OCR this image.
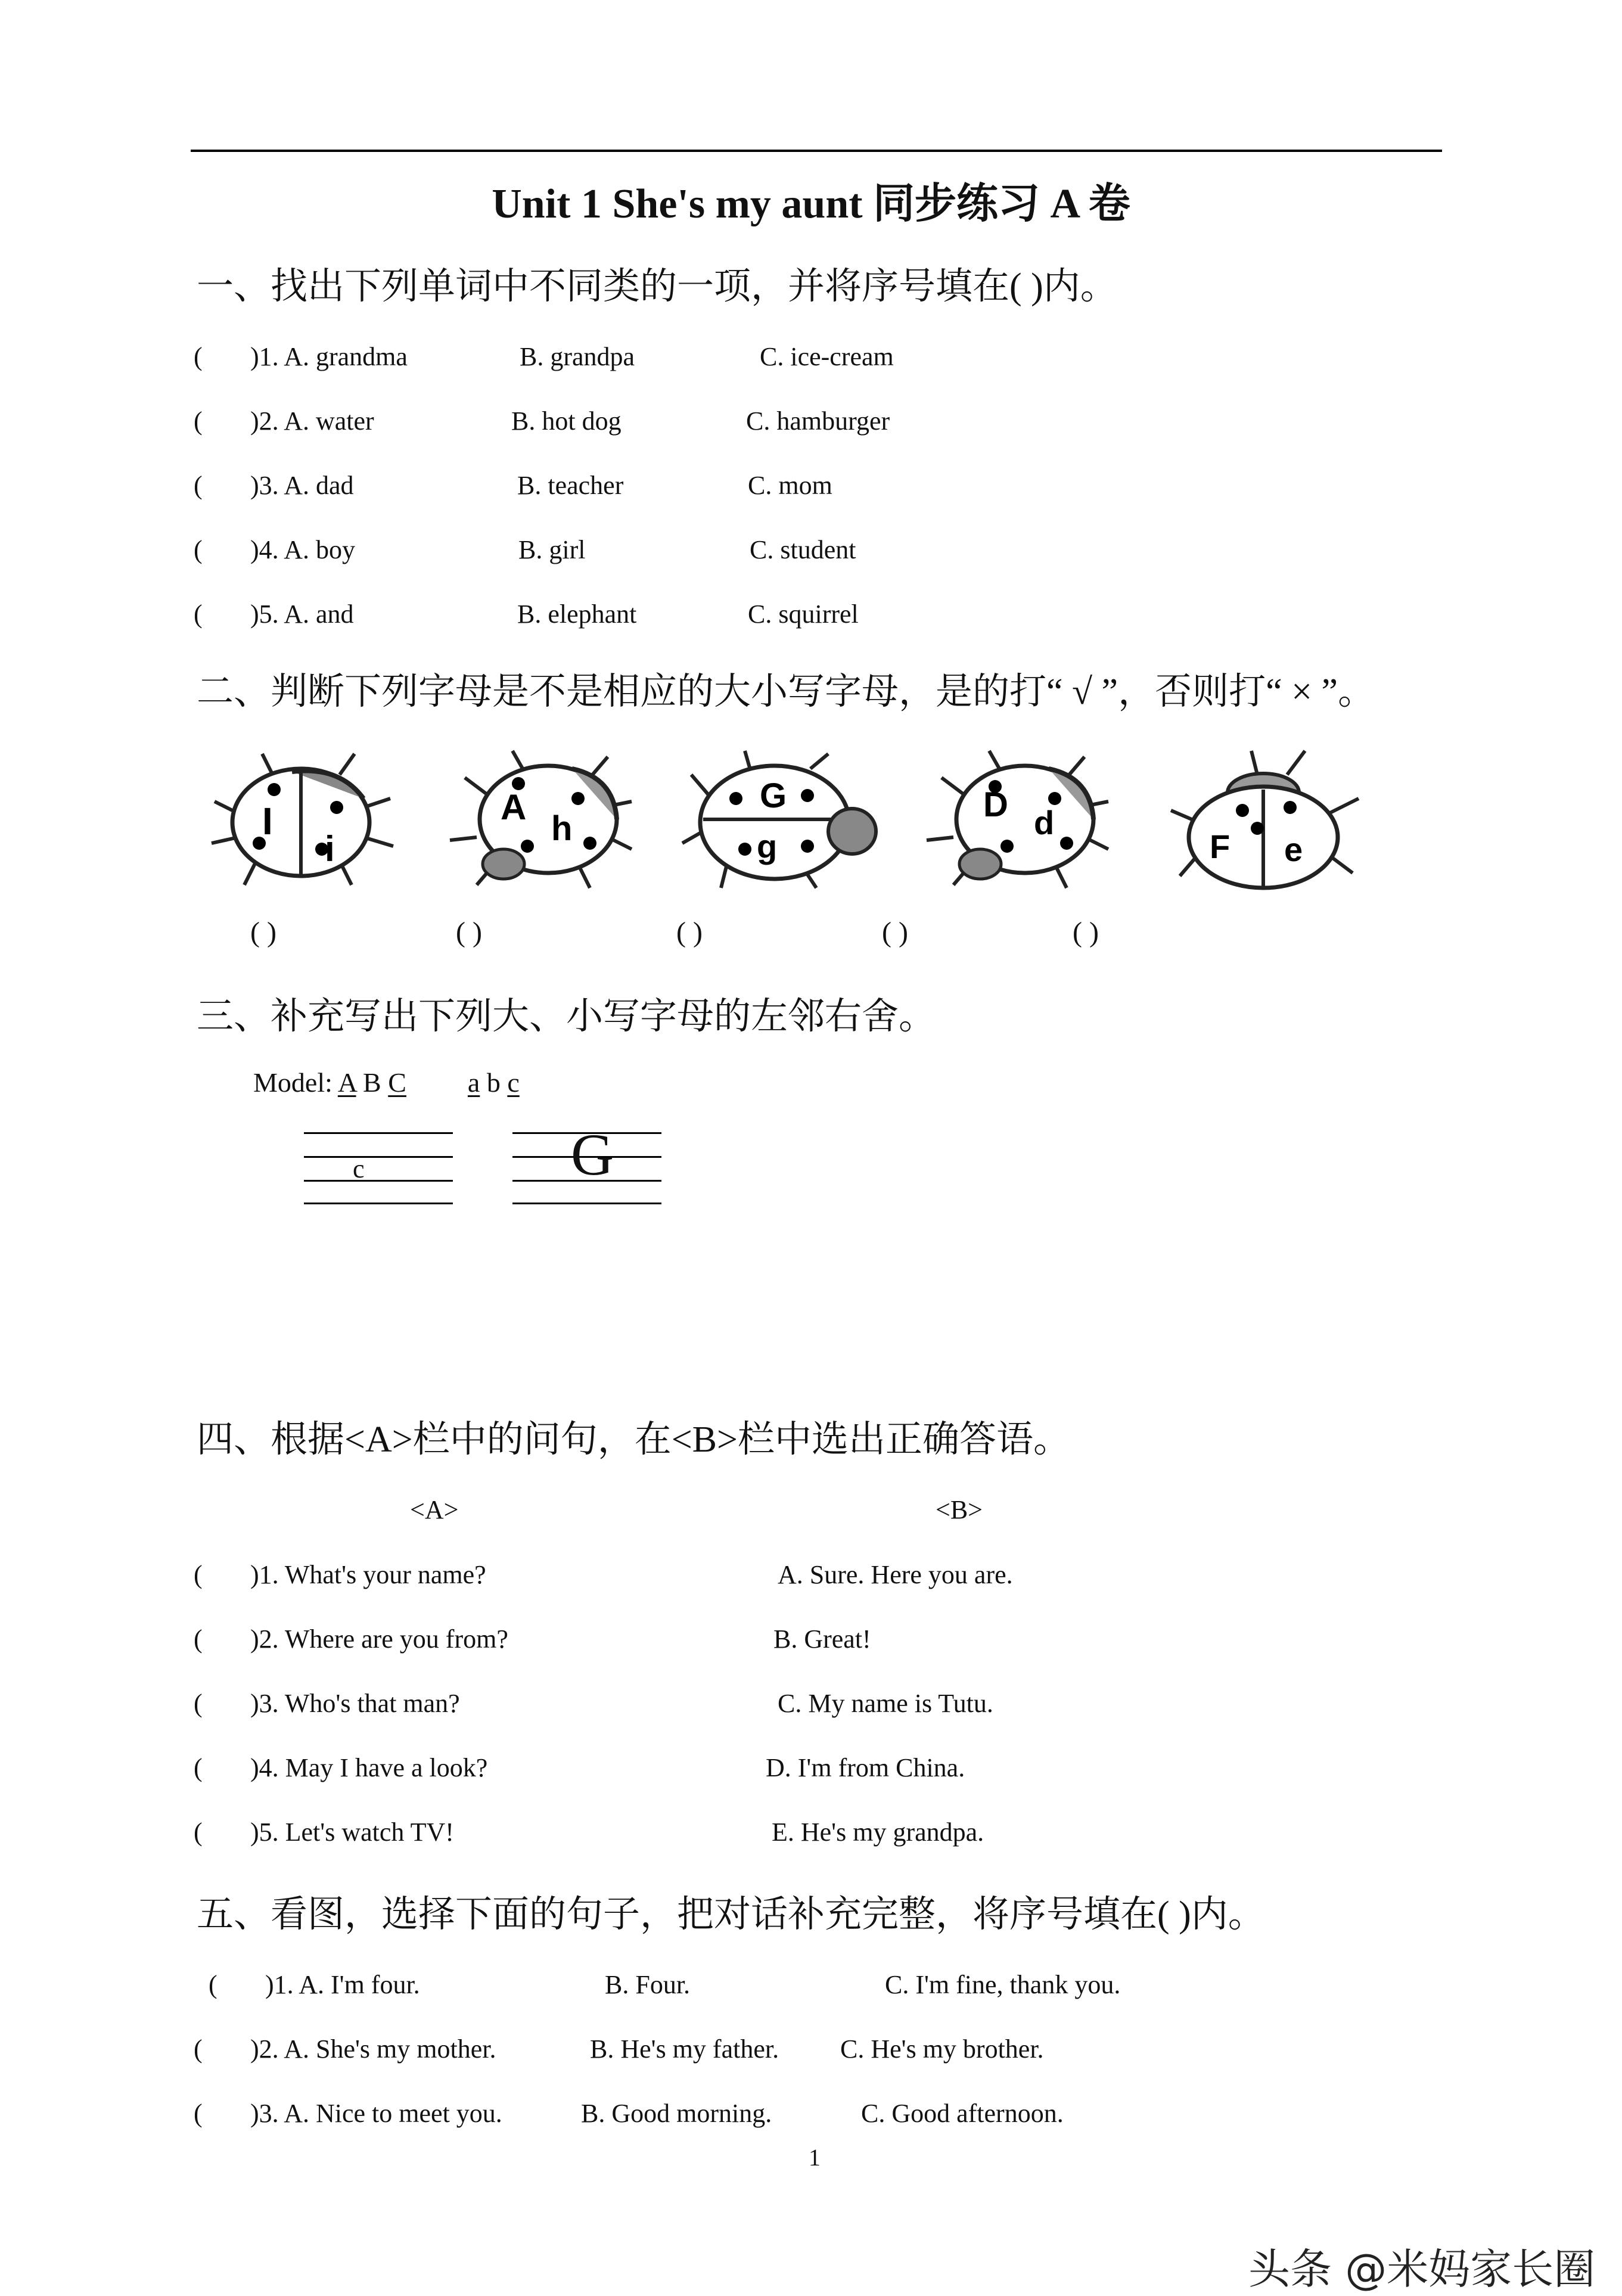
Unit 1 She's my aunt 同步练习 A 卷
一、找出下列单词中不同类的一项，并将序号填在( )内。
( )1. A. grandma	B. grandpa	C. ice-cream
( )2. A. water	B. hot dog	C. hamburger
( )3. A. dad	B. teacher	C. mom
( )4. A. boy	B. girl	C. student
( )5. A. and	B. elephant	C. squirrel
二、判断下列字母是不是相应的大小写字母，是的打“ √ ”，否则打“ × ”。
I
i
A
h
G
g
D d
F e
( )	( )	( )	( )	( )
三、补充写出下列大、小写字母的左邻右舍。
Model: A B C a b c
c	G
四、根据<A>栏中的问句，在<B>栏中选出正确答语。
<A>	<B>
( )1. What's your name?	A. Sure. Here you are.
( )2. Where are you from?	B. Great!
( )3. Who's that man?	C. My name is Tutu.
( )4. May I have a look?	D. I'm from China.
( )5. Let's watch TV!	E. He's my grandpa.
五、看图，选择下面的句子，把对话补充完整，将序号填在( )内。
( )1. A. I'm four.	B. Four.	C. I'm fine, thank you.
( )2. A. She's my mother.	B. He's my father. C. He's my brother.
( )3. A. Nice to meet you.	B. Good morning.	C. Good afternoon.
1
头条 @米妈家长圈
